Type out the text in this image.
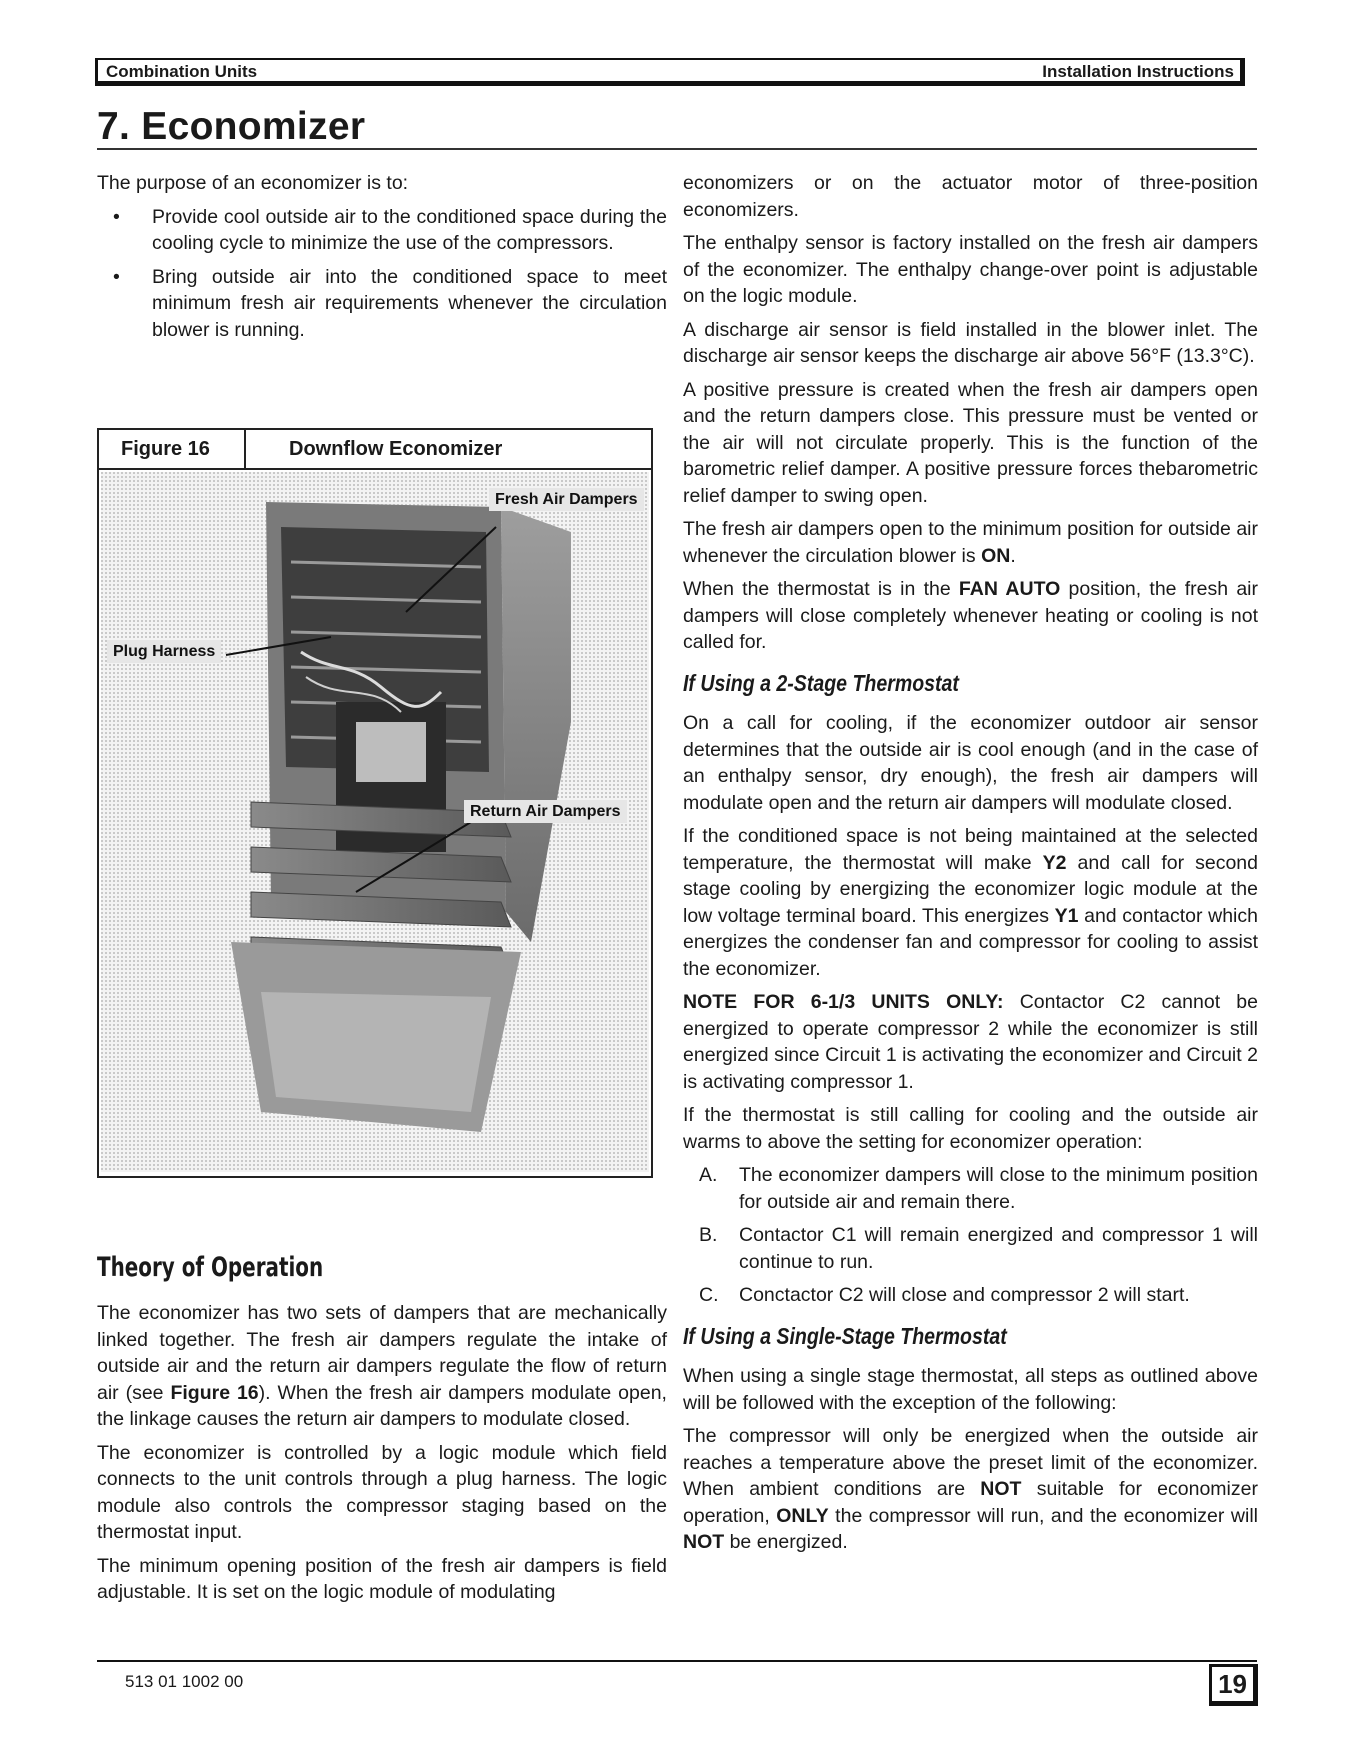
Combination Units	Installation Instructions
7. Economizer

The purpose of an economizer is to:

• Provide cool outside air to the conditioned space during the cooling cycle to minimize the use of the compressors.
• Bring outside air into the conditioned space to meet minimum fresh air requirements whenever the circulation blower is running.
Figure 16	Downflow Economizer
Fresh Air Dampers
Plug Harness
Return Air Dampers
Theory of Operation

The economizer has two sets of dampers that are mechanically linked together. The fresh air dampers regulate the intake of outside air and the return air dampers regulate the flow of return air (see Figure 16). When the fresh air dampers modulate open, the linkage causes the return air dampers to modulate closed.

The economizer is controlled by a logic module which field connects to the unit controls through a plug harness. The logic module also controls the compressor staging based on the thermostat input.

The minimum opening position of the fresh air dampers is field adjustable. It is set on the logic module of modulating

economizers or on the actuator motor of three-position economizers.

The enthalpy sensor is factory installed on the fresh air dampers of the economizer. The enthalpy change-over point is adjustable on the logic module.

A discharge air sensor is field installed in the blower inlet. The discharge air sensor keeps the discharge air above 56°F (13.3°C).

A positive pressure is created when the fresh air dampers open and the return dampers close. This pressure must be vented or the air will not circulate properly. This is the function of the barometric relief damper. A positive pressure forces thebarometric relief damper to swing open.

The fresh air dampers open to the minimum position for outside air whenever the circulation blower is ON.

When the thermostat is in the FAN AUTO position, the fresh air dampers will close completely whenever heating or cooling is not called for.

If Using a 2-Stage Thermostat

On a call for cooling, if the economizer outdoor air sensor determines that the outside air is cool enough (and in the case of an enthalpy sensor, dry enough), the fresh air dampers will modulate open and the return air dampers will modulate closed.

If the conditioned space is not being maintained at the selected temperature, the thermostat will make Y2 and call for second stage cooling by energizing the economizer logic module at the low voltage terminal board. This energizes Y1 and contactor which energizes the condenser fan and compressor for cooling to assist the economizer.

NOTE FOR 6-1/3 UNITS ONLY: Contactor C2 cannot be energized to operate compressor 2 while the economizer is still energized since Circuit 1 is activating the economizer and Circuit 2 is activating compressor 1.

If the thermostat is still calling for cooling and the outside air warms to above the setting for economizer operation:

A. The economizer dampers will close to the minimum position for outside air and remain there.
B. Contactor C1 will remain energized and compressor 1 will continue to run.
C. Conctactor C2 will close and compressor 2 will start.
If Using a Single-Stage Thermostat

When using a single stage thermostat, all steps as outlined above will be followed with the exception of the following:

The compressor will only be energized when the outside air reaches a temperature above the preset limit of the economizer. When ambient conditions are NOT suitable for economizer operation, ONLY the compressor will run, and the economizer will NOT be energized.

513 01 1002 00	19
